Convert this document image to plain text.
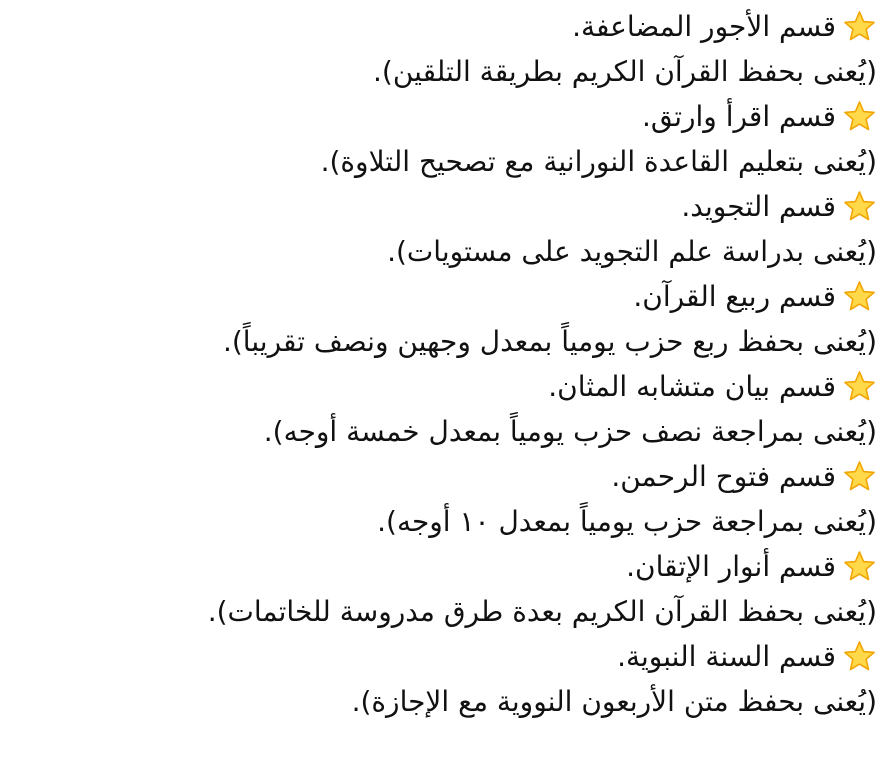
قسم الأجور المضاعفة.
(يُعنى بحفظ القرآن الكريم بطريقة التلقين).
قسم اقرأ وارتق.
(يُعنى بتعليم القاعدة النورانية مع تصحيح التلاوة).
قسم التجويد.
(يُعنى بدراسة علم التجويد على مستويات).
قسم ربيع القرآن.
(يُعنى بحفظ ربع حزب يومياً بمعدل وجهين ونصف تقريباً).
قسم بيان متشابه المثان.
(يُعنى بمراجعة نصف حزب يومياً بمعدل خمسة أوجه).
قسم فتوح الرحمن.
(يُعنى بمراجعة حزب يومياً بمعدل ١٠ أوجه).
قسم أنوار الإتقان.
(يُعنى بحفظ القرآن الكريم بعدة طرق مدروسة للخاتمات).
قسم السنة النبوية.
(يُعنى بحفظ متن الأربعون النووية مع الإجازة).
